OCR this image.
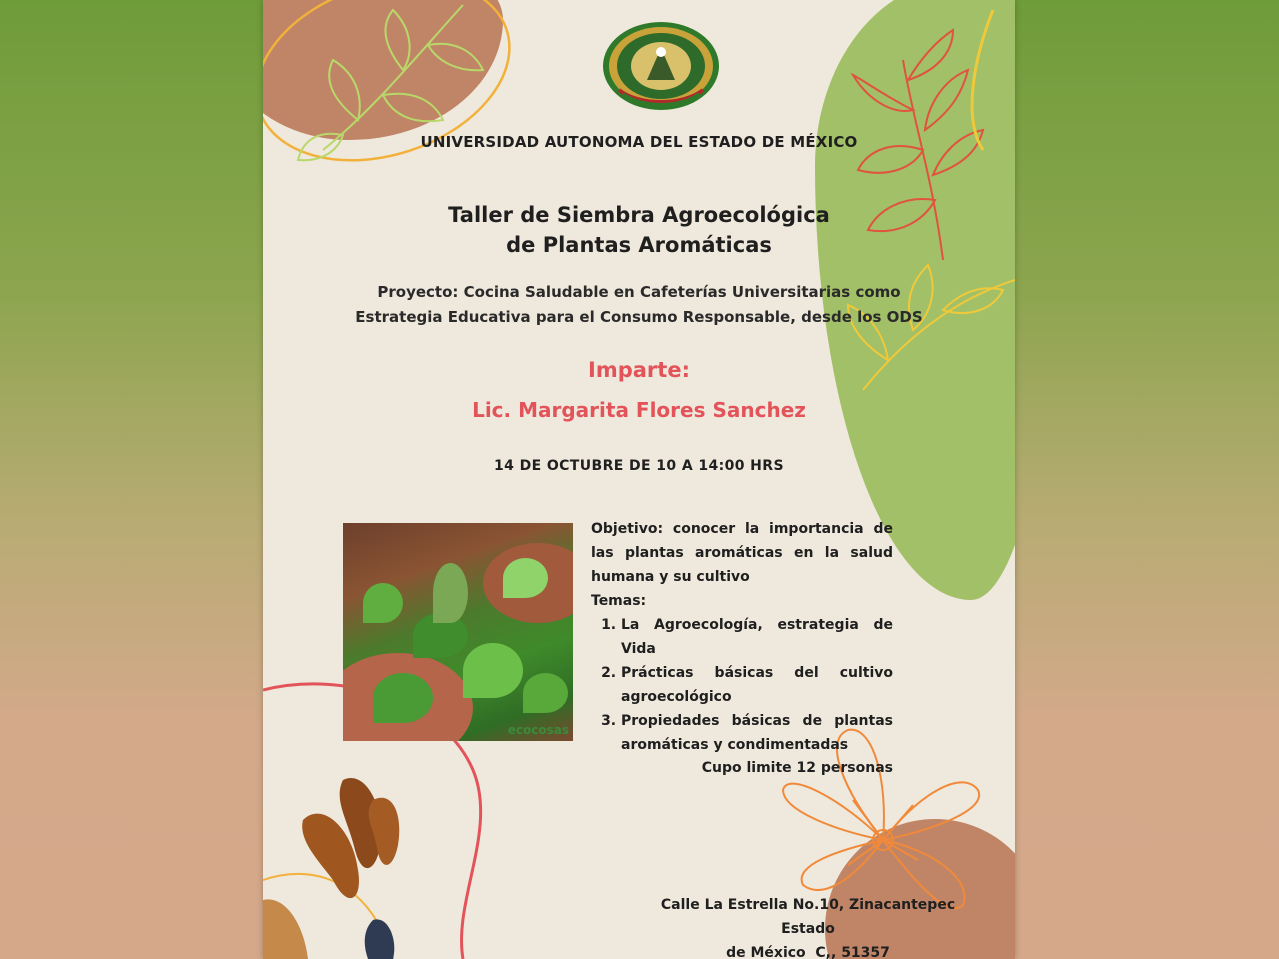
UNIVERSIDAD AUTONOMA DEL ESTADO DE MÉXICO
Taller de Siembra Agroecológica
de Plantas Aromáticas
Proyecto: Cocina Saludable en Cafeterías Universitarias como
Estrategia Educativa para el Consumo Responsable, desde los ODS
Imparte:
Lic. Margarita Flores Sanchez
14 DE OCTUBRE DE 10 A 14:00 HRS
ecocosas
Objetivo: conocer la importancia de las plantas aromáticas en la salud humana y su cultivo
Temas:
1. La Agroecología, estrategia de Vida
2. Prácticas básicas del cultivo agroecológico
3. Propiedades básicas de plantas aromáticas y condimentadas
Cupo limite 12 personas
Calle La Estrella No.10, Zinacantepec Estado
de México  C,, 51357
